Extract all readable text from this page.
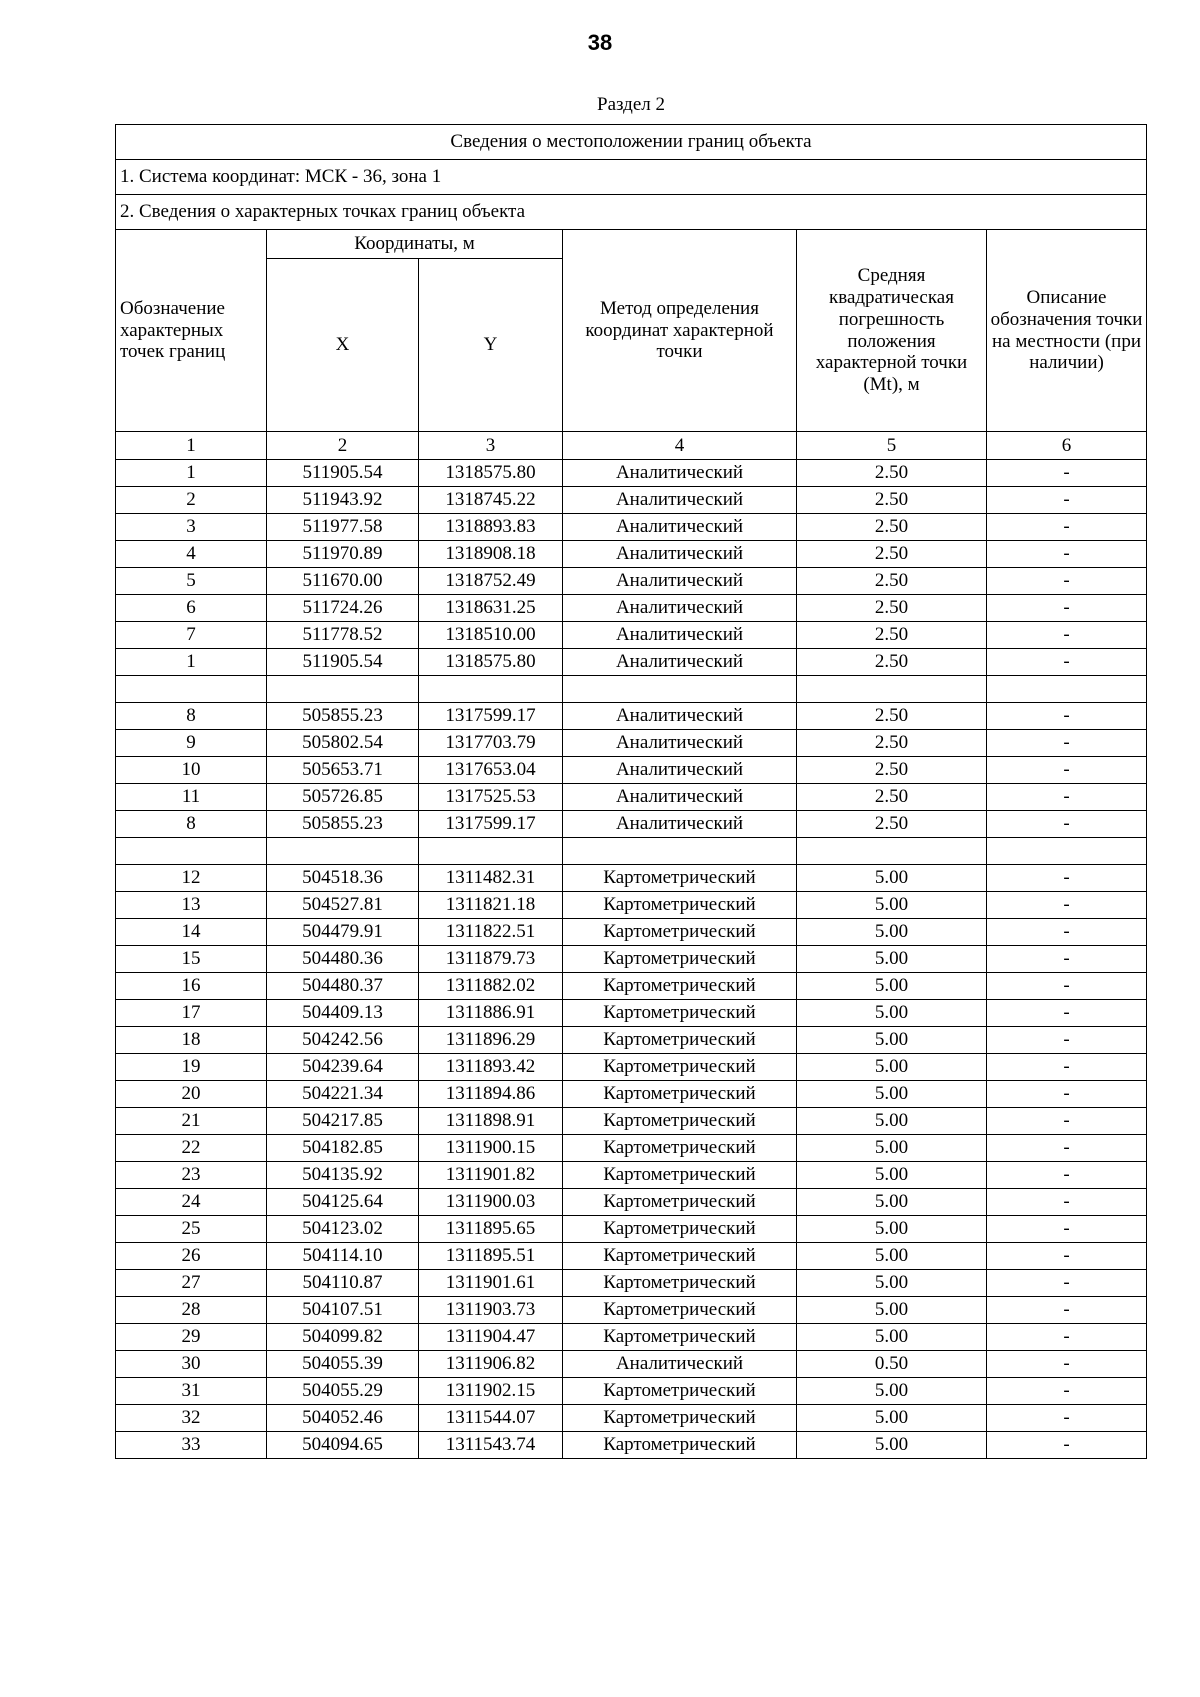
38
Раздел 2
Сведения о местоположении границ объекта					
1. Система координат: МСК - 36, зона 1					
2. Сведения о характерных точках границ объекта					
Обозначение характерных точек границ	Координаты, м		Метод определения координат характерной точки	Средняя квадратическая погрешность положения характерной точки (Mt), м	Описание обозначения точки на местности (при наличии)
	X	Y			
1	2	3	4	5	6
1	511905.54	1318575.80	Аналитический	2.50	-
2	511943.92	1318745.22	Аналитический	2.50	-
3	511977.58	1318893.83	Аналитический	2.50	-
4	511970.89	1318908.18	Аналитический	2.50	-
5	511670.00	1318752.49	Аналитический	2.50	-
6	511724.26	1318631.25	Аналитический	2.50	-
7	511778.52	1318510.00	Аналитический	2.50	-
1	511905.54	1318575.80	Аналитический	2.50	-

8	505855.23	1317599.17	Аналитический	2.50	-
9	505802.54	1317703.79	Аналитический	2.50	-
10	505653.71	1317653.04	Аналитический	2.50	-
11	505726.85	1317525.53	Аналитический	2.50	-
8	505855.23	1317599.17	Аналитический	2.50	-

12	504518.36	1311482.31	Картометрический	5.00	-
13	504527.81	1311821.18	Картометрический	5.00	-
14	504479.91	1311822.51	Картометрический	5.00	-
15	504480.36	1311879.73	Картометрический	5.00	-
16	504480.37	1311882.02	Картометрический	5.00	-
17	504409.13	1311886.91	Картометрический	5.00	-
18	504242.56	1311896.29	Картометрический	5.00	-
19	504239.64	1311893.42	Картометрический	5.00	-
20	504221.34	1311894.86	Картометрический	5.00	-
21	504217.85	1311898.91	Картометрический	5.00	-
22	504182.85	1311900.15	Картометрический	5.00	-
23	504135.92	1311901.82	Картометрический	5.00	-
24	504125.64	1311900.03	Картометрический	5.00	-
25	504123.02	1311895.65	Картометрический	5.00	-
26	504114.10	1311895.51	Картометрический	5.00	-
27	504110.87	1311901.61	Картометрический	5.00	-
28	504107.51	1311903.73	Картометрический	5.00	-
29	504099.82	1311904.47	Картометрический	5.00	-
30	504055.39	1311906.82	Аналитический	0.50	-
31	504055.29	1311902.15	Картометрический	5.00	-
32	504052.46	1311544.07	Картометрический	5.00	-
33	504094.65	1311543.74	Картометрический	5.00	-
